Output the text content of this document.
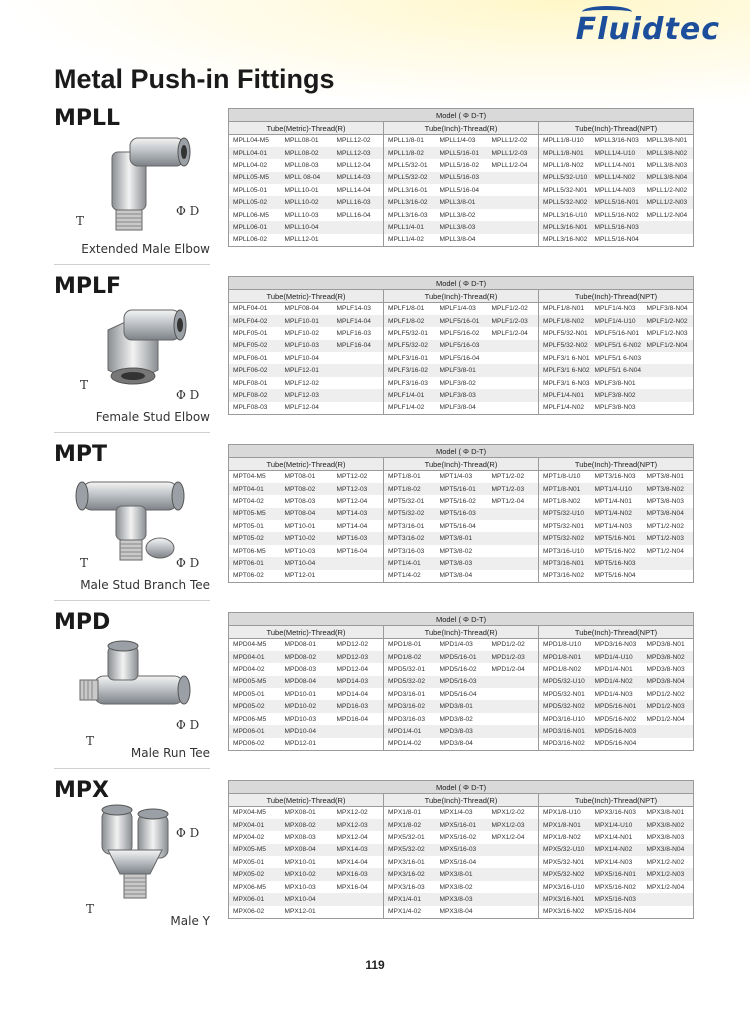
Fluidtec
Metal Push-in Fittings
MPLL
T
Φ D
Extended Male Elbow
Model ( Φ D-T)								
Tube(Metric)-Thread(R)			Tube(Inch)-Thread(R)			Tube(Inch)-Thread(NPT)		
MPLL04-M5	MPLL08-01	MPLL12-02	MPLL1/8-01	MPLL1/4-03	MPLL1/2-02	MPLL1/8-U10	MPLL3/16-N03	MPLL3/8-N01
MPLL04-01	MPLL08-02	MPLL12-03	MPLL1/8-02	MPLL5/16-01	MPLL1/2-03	MPLL1/8-N01	MPLL1/4-U10	MPLL3/8-N02
MPLL04-02	MPLL08-03	MPLL12-04	MPLL5/32-01	MPLL5/16-02	MPLL1/2-04	MPLL1/8-N02	MPLL1/4-N01	MPLL3/8-N03
MPLL05-M5	MPLL 08-04	MPLL14-03	MPLL5/32-02	MPLL5/16-03		MPLL5/32-U10	MPLL1/4-N02	MPLL3/8-N04
MPLL05-01	MPLL10-01	MPLL14-04	MPLL3/16-01	MPLL5/16-04		MPLL5/32-N01	MPLL1/4-N03	MPLL1/2-N02
MPLL05-02	MPLL10-02	MPLL16-03	MPLL3/16-02	MPLL3/8-01		MPLL5/32-N02	MPLL5/16-N01	MPLL1/2-N03
MPLL06-M5	MPLL10-03	MPLL16-04	MPLL3/16-03	MPLL3/8-02		MPLL3/16-U10	MPLL5/16-N02	MPLL1/2-N04
MPLL06-01	MPLL10-04		MPLL1/4-01	MPLL3/8-03		MPLL3/16-N01	MPLL5/16-N03	
MPLL06-02	MPLL12-01		MPLL1/4-02	MPLL3/8-04		MPLL3/16-N02	MPLL5/16-N04	
MPLF
T
Φ D
Female Stud Elbow
Model ( Φ D-T)								
Tube(Metric)-Thread(R)			Tube(Inch)-Thread(R)			Tube(Inch)-Thread(NPT)		
MPLF04-01	MPLF08-04	MPLF14-03	MPLF1/8-01	MPLF1/4-03	MPLF1/2-02	MPLF1/8-N01	MPLF1/4-N03	MPLF3/8-N04
MPLF04-02	MPLF10-01	MPLF14-04	MPLF1/8-02	MPLF5/16-01	MPLF1/2-03	MPLF1/8-N02	MPLF1/4-U10	MPLF1/2-N02
MPLF05-01	MPLF10-02	MPLF16-03	MPLF5/32-01	MPLF5/16-02	MPLF1/2-04	MPLF5/32-N01	MPLF5/16-N01	MPLF1/2-N03
MPLF05-02	MPLF10-03	MPLF16-04	MPLF5/32-02	MPLF5/16-03		MPLF5/32-N02	MPLF5/1 6-N02	MPLF1/2-N04
MPLF06-01	MPLF10-04		MPLF3/16-01	MPLF5/16-04		MPLF3/1 6-N01	MPLF5/1 6-N03	
MPLF06-02	MPLF12-01		MPLF3/16-02	MPLF3/8-01		MPLF3/1 6-N02	MPLF5/1 6-N04	
MPLF08-01	MPLF12-02		MPLF3/16-03	MPLF3/8-02		MPLF3/1 6-N03	MPLF3/8-N01	
MPLF08-02	MPLF12-03		MPLF1/4-01	MPLF3/8-03		MPLF1/4-N01	MPLF3/8-N02	
MPLF08-03	MPLF12-04		MPLF1/4-02	MPLF3/8-04		MPLF1/4-N02	MPLF3/8-N03	
MPT
T	Φ D
Male Stud Branch Tee
Model ( Φ D-T)								
Tube(Metric)-Thread(R)			Tube(Inch)-Thread(R)			Tube(Inch)-Thread(NPT)		
MPT04-M5	MPT08-01	MPT12-02	MPT1/8-01	MPT1/4-03	MPT1/2-02	MPT1/8-U10	MPT3/16-N03	MPT3/8-N01
MPT04-01	MPT08-02	MPT12-03	MPT1/8-02	MPT5/16-01	MPT1/2-03	MPT1/8-N01	MPT1/4-U10	MPT3/8-N02
MPT04-02	MPT08-03	MPT12-04	MPT5/32-01	MPT5/16-02	MPT1/2-04	MPT1/8-N02	MPT1/4-N01	MPT3/8-N03
MPT05-M5	MPT08-04	MPT14-03	MPT5/32-02	MPT5/16-03		MPT5/32-U10	MPT1/4-N02	MPT3/8-N04
MPT05-01	MPT10-01	MPT14-04	MPT3/16-01	MPT5/16-04		MPT5/32-N01	MPT1/4-N03	MPT1/2-N02
MPT05-02	MPT10-02	MPT16-03	MPT3/16-02	MPT3/8-01		MPT5/32-N02	MPT5/16-N01	MPT1/2-N03
MPT06-M5	MPT10-03	MPT16-04	MPT3/16-03	MPT3/8-02		MPT3/16-U10	MPT5/16-N02	MPT1/2-N04
MPT06-01	MPT10-04		MPT1/4-01	MPT3/8-03		MPT3/16-N01	MPT5/16-N03	
MPT06-02	MPT12-01		MPT1/4-02	MPT3/8-04		MPT3/16-N02	MPT5/16-N04	
MPD
T
Φ D
Male Run Tee
Model ( Φ D-T)								
Tube(Metric)-Thread(R)			Tube(Inch)-Thread(R)			Tube(Inch)-Thread(NPT)		
MPD04-M5	MPD08-01	MPD12-02	MPD1/8-01	MPD1/4-03	MPD1/2-02	MPD1/8-U10	MPD3/16-N03	MPD3/8-N01
MPD04-01	MPD08-02	MPD12-03	MPD1/8-02	MPD5/16-01	MPD1/2-03	MPD1/8-N01	MPD1/4-U10	MPD3/8-N02
MPD04-02	MPD08-03	MPD12-04	MPD5/32-01	MPD5/16-02	MPD1/2-04	MPD1/8-N02	MPD1/4-N01	MPD3/8-N03
MPD05-M5	MPD08-04	MPD14-03	MPD5/32-02	MPD5/16-03		MPD5/32-U10	MPD1/4-N02	MPD3/8-N04
MPD05-01	MPD10-01	MPD14-04	MPD3/16-01	MPD5/16-04		MPD5/32-N01	MPD1/4-N03	MPD1/2-N02
MPD05-02	MPD10-02	MPD16-03	MPD3/16-02	MPD3/8-01		MPD5/32-N02	MPD5/16-N01	MPD1/2-N03
MPD06-M5	MPD10-03	MPD16-04	MPD3/16-03	MPD3/8-02		MPD3/16-U10	MPD5/16-N02	MPD1/2-N04
MPD06-01	MPD10-04		MPD1/4-01	MPD3/8-03		MPD3/16-N01	MPD5/16-N03	
MPD06-02	MPD12-01		MPD1/4-02	MPD3/8-04		MPD3/16-N02	MPD5/16-N04	
MPX
T
Φ D
Male Y
Model ( Φ D-T)								
Tube(Metric)-Thread(R)			Tube(Inch)-Thread(R)			Tube(Inch)-Thread(NPT)		
MPX04-M5	MPX08-01	MPX12-02	MPX1/8-01	MPX1/4-03	MPX1/2-02	MPX1/8-U10	MPX3/16-N03	MPX3/8-N01
MPX04-01	MPX08-02	MPX12-03	MPX1/8-02	MPX5/16-01	MPX1/2-03	MPX1/8-N01	MPX1/4-U10	MPX3/8-N02
MPX04-02	MPX08-03	MPX12-04	MPX5/32-01	MPX5/16-02	MPX1/2-04	MPX1/8-N02	MPX1/4-N01	MPX3/8-N03
MPX05-M5	MPX08-04	MPX14-03	MPX5/32-02	MPX5/16-03		MPX5/32-U10	MPX1/4-N02	MPX3/8-N04
MPX05-01	MPX10-01	MPX14-04	MPX3/16-01	MPX5/16-04		MPX5/32-N01	MPX1/4-N03	MPX1/2-N02
MPX05-02	MPX10-02	MPX16-03	MPX3/16-02	MPX3/8-01		MPX5/32-N02	MPX5/16-N01	MPX1/2-N03
MPX06-M5	MPX10-03	MPX16-04	MPX3/16-03	MPX3/8-02		MPX3/16-U10	MPX5/16-N02	MPX1/2-N04
MPX06-01	MPX10-04		MPX1/4-01	MPX3/8-03		MPX3/16-N01	MPX5/16-N03	
MPX06-02	MPX12-01		MPX1/4-02	MPX3/8-04		MPX3/16-N02	MPX5/16-N04	
119
